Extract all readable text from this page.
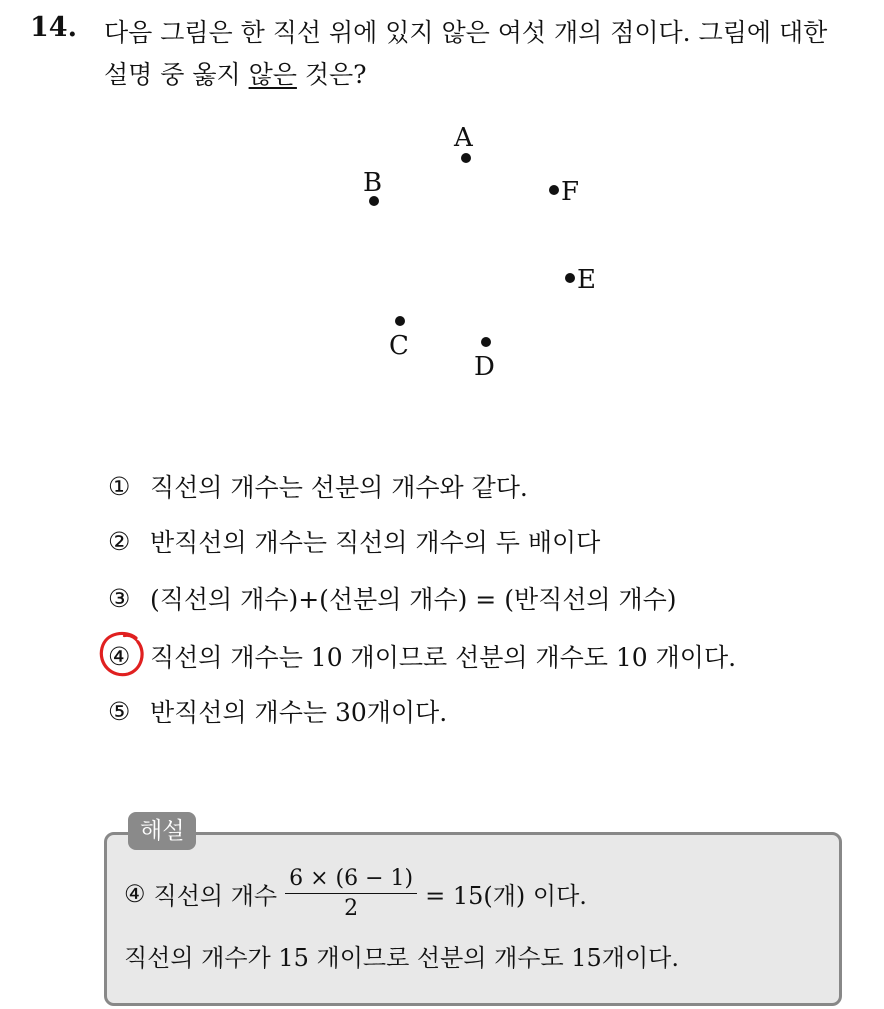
14. 다음 그림은 한 직선 위에 있지 않은 여섯 개의 점이다. 그림에 대한
설명 중 옳지 않은 것은?
A
B	F
E
C
D
① 직선의 개수는 선분의 개수와 같다.
② 반직선의 개수는 직선의 개수의 두 배이다
③ (직선의 개수)+(선분의 개수) = (반직선의 개수)
④ 직선의 개수는 10 개이므로 선분의 개수도 10 개이다.
⑤ 반직선의 개수는 30개이다.
해설
④ 직선의 개수 $\frac{6 \times (6 - 1)}{2} = 15$(개) 이다.
직선의 개수가 15 개이므로 선분의 개수도 15개이다.
